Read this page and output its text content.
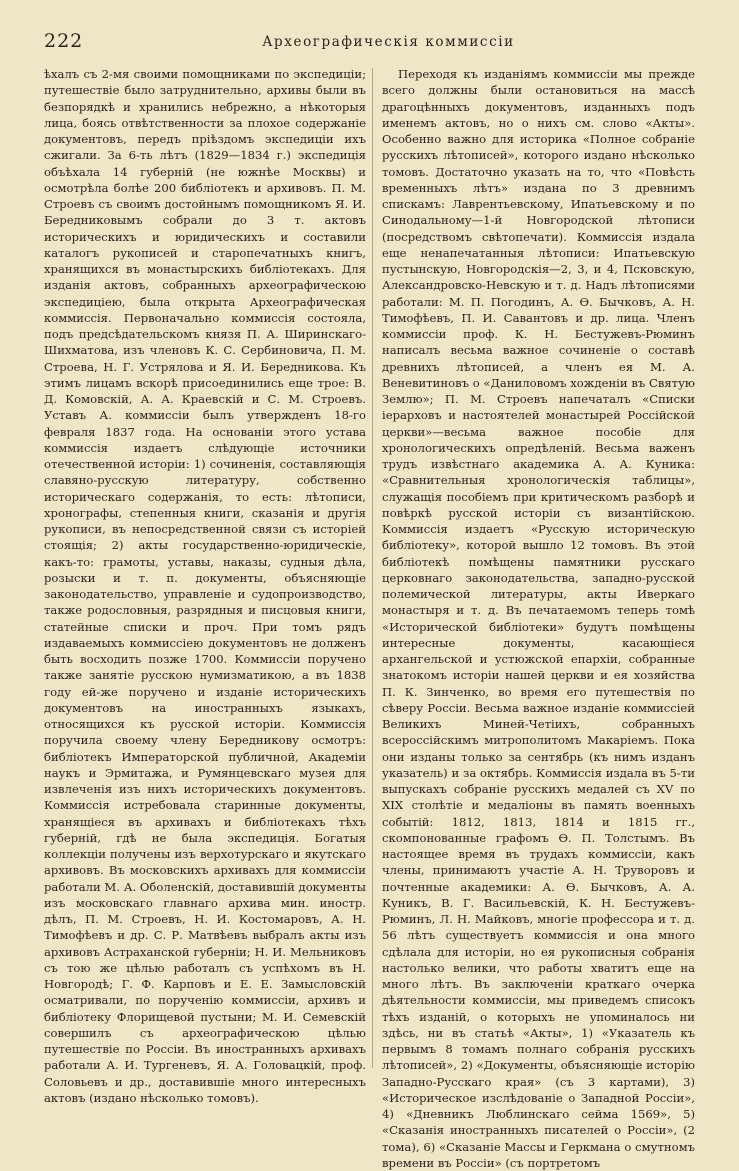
222	Археографическія коммиссіи

ѣхалъ съ 2-мя своими помощниками по экспедиціи; путешествіе было затруднительно, архивы были въ безпорядкѣ и хранились небрежно, а нѣкоторыя лица, боясь отвѣтственности за плохое содержаніе документовъ, передъ пріѣздомъ экспедиціи ихъ сжигали. За 6-ть лѣтъ (1829—1834 г.) экспедиція объѣхала 14 губерній (не южнѣе Москвы) и осмотрѣла болѣе 200 библіотекъ и архивовъ. П. М. Строевъ съ своимъ достойнымъ помощникомъ Я. И. Бередниковымъ собрали до 3 т. актовъ историческихъ и юридическихъ и составили каталогъ рукописей и старопечатныхъ книгъ, хранящихся въ монастырскихъ библіотекахъ. Для изданія актовъ, собранныхъ археографическою экспедиціею, была открыта Археографическая коммиссія. Первоначально коммиссія состояла, подъ предсѣдательскомъ князя П. А. Ширинскаго-Шихматова, изъ членовъ К. С. Сербиновича, П. М. Строева, Н. Г. Устрялова и Я. И. Бередникова. Къ этимъ лицамъ вскорѣ присоединились еще трое: В. Д. Комовскій, А. А. Краевскій и С. М. Строевъ. Уставъ А. коммиссіи былъ утвержденъ 18-го февраля 1837 года. На основаніи этого устава коммиссія издаетъ слѣдующіе источники отечественной исторіи: 1) сочиненія, составляющія славяно-русскую литературу, собственно историческаго содержанія, то есть: лѣтописи, хронографы, степенныя книги, сказанія и другія рукописи, въ непосредственной связи съ исторіей стоящія; 2) акты государственно-юридическіе, какъ-то: грамоты, уставы, наказы, судныя дѣла, розыски и т. п. документы, объясняющіе законодательство, управленіе и судопроизводство, также родословныя, разрядныя и писцовыя книги, статейные списки и проч. При томъ рядъ издаваемыхъ коммиссіею документовъ не долженъ быть восходить позже 1700. Коммиссіи поручено также занятіе русскою нумизматикою, а въ 1838 году ей-же поручено и изданіе историческихъ документовъ на иностранныхъ языкахъ, относящихся къ русской исторіи. Коммиссія поручила своему члену Бередникову осмотръ: библіотекъ Императорской публичной, Академіи наукъ и Эрмитажа, и Румянцевскаго музея для извлеченія изъ нихъ историческихъ документовъ. Коммиссія истребовала старинные документы, хранящіеся въ архивахъ и библіотекахъ тѣхъ губерній, гдѣ не была экспедиція. Богатыя коллекціи получены изъ верхотурскаго и якутскаго архивовъ. Въ московскихъ архивахъ для коммиссіи работали М. А. Оболенскій, доставившій документы изъ московскаго главнаго архива мин. иностр. дѣлъ, П. М. Строевъ, Н. И. Костомаровъ, А. Н. Тимофѣевъ и др. С. Р. Матвѣевъ выбралъ акты изъ архивовъ Астраханской губерніи; Н. И. Мельниковъ съ тою же цѣлью работалъ съ успѣхомъ въ Н. Новгородѣ; Г. Ф. Карповъ и Е. Е. Замысловскій осматривали, по порученію коммиссіи, архивъ и библіотеку Флорищевой пустыни; М. И. Семевскій совершилъ съ археографическою цѣлью путешествіе по Россіи. Въ иностранныхъ архивахъ работали А. И. Тургеневъ, Я. А. Головацкій, проф. Соловьевъ и др., доставившіе много интересныхъ актовъ (издано нѣсколько томовъ).

Переходя къ изданіямъ коммиссіи мы прежде всего должны были остановиться на массѣ драгоцѣнныхъ документовъ, изданныхъ подъ именемъ актовъ, но о нихъ см. слово «Акты». Особенно важно для историка «Полное собраніе русскихъ лѣтописей», которого издано нѣсколько томовъ. Достаточно указать на то, что «Повѣсть временныхъ лѣтъ» издана по 3 древнимъ спискамъ: Лаврентьевскому, Ипатьевскому и по Синодальному—1-й Новгородской лѣтописи (посредствомъ свѣтопечати). Коммиссія издала еще ненапечатанныя лѣтописи: Ипатьевскую пустынскую, Новгородскія—2, 3, и 4, Псковскую, Александровско-Невскую и т. д. Надъ лѣтописями работали: М. П. Погодинъ, А. Ѳ. Бычковъ, А. Н. Тимофѣевъ, П. И. Савантовъ и др. лица. Членъ коммиссіи проф. К. Н. Бестужевъ-Рюминъ написалъ весьма важное сочиненіе о составѣ древнихъ лѣтописей, а членъ ея М. А. Веневитиновъ о «Даниловомъ хожденіи въ Святую Землю»; П. М. Строевъ напечаталъ «Списки іерарховъ и настоятелей монастырей Россійской церкви»—весьма важное пособіе для хронологическихъ опредѣленій. Весьма важенъ трудъ извѣстнаго академика А. А. Куника: «Сравнительныя хронологическія таблицы», служащія пособіемъ при критическомъ разборѣ и повѣркѣ русской исторіи съ византійскою. Коммиссія издаетъ «Русскую историческую библіотеку», которой вышло 12 томовъ. Въ этой библіотекѣ помѣщены памятники русскаго церковнаго законодательства, западно-русской полемической литературы, акты Иверкаго монастыря и т. д. Въ печатаемомъ теперь томѣ «Исторической библіотеки» будутъ помѣщены интересные документы, касающіеся архангельской и устюжской епархіи, собранные знатокомъ исторіи нашей церкви и ея хозяйства П. К. Зинченко, во время его путешествія по сѣверу Россіи. Весьма важное изданіе коммиссіей Великихъ Миней-Четіихъ, собранныхъ всероссійскимъ митрополитомъ Макаріемъ. Пока они изданы только за сентябрь (къ нимъ изданъ указатель) и за октябрь. Коммиссія издала въ 5-ти выпускахъ собраніе русскихъ медалей съ XV по XIX столѣтіе и медаліоны въ память военныхъ событій: 1812, 1813, 1814 и 1815 гг., скомпонованные графомъ Ѳ. П. Толстымъ. Въ настоящее время въ трудахъ коммиссіи, какъ члены, принимаютъ участіе А. Н. Труворовъ и почтенные академики: А. Ѳ. Бычковъ, А. А. Куникъ, В. Г. Васильевскій, К. Н. Бестужевъ-Рюминъ, Л. Н. Майковъ, многіе профессора и т. д. 56 лѣтъ существуетъ коммиссія и она много сдѣлала для исторіи, но ея рукописныя собранія настолько велики, что работы хватитъ еще на много лѣтъ. Въ заключеніи краткаго очерка дѣятельности коммиссіи, мы приведемъ списокъ тѣхъ изданій, о которыхъ не упоминалось ни здѣсь, ни въ статьѣ «Акты», 1) «Указатель къ первымъ 8 томамъ полнаго собранія русскихъ лѣтописей», 2) «Документы, объясняющіе исторію Западно-Русскаго края» (съ 3 картами), 3) «Историческое изслѣдованіе о Западной Россіи», 4) «Дневникъ Люблинскаго сейма 1569», 5) «Сказанія иностранныхъ писателей о Россіи», (2 тома), 6) «Сказаніе Массы и Геркмана о смутномъ времени въ Россіи» (съ портретомъ
